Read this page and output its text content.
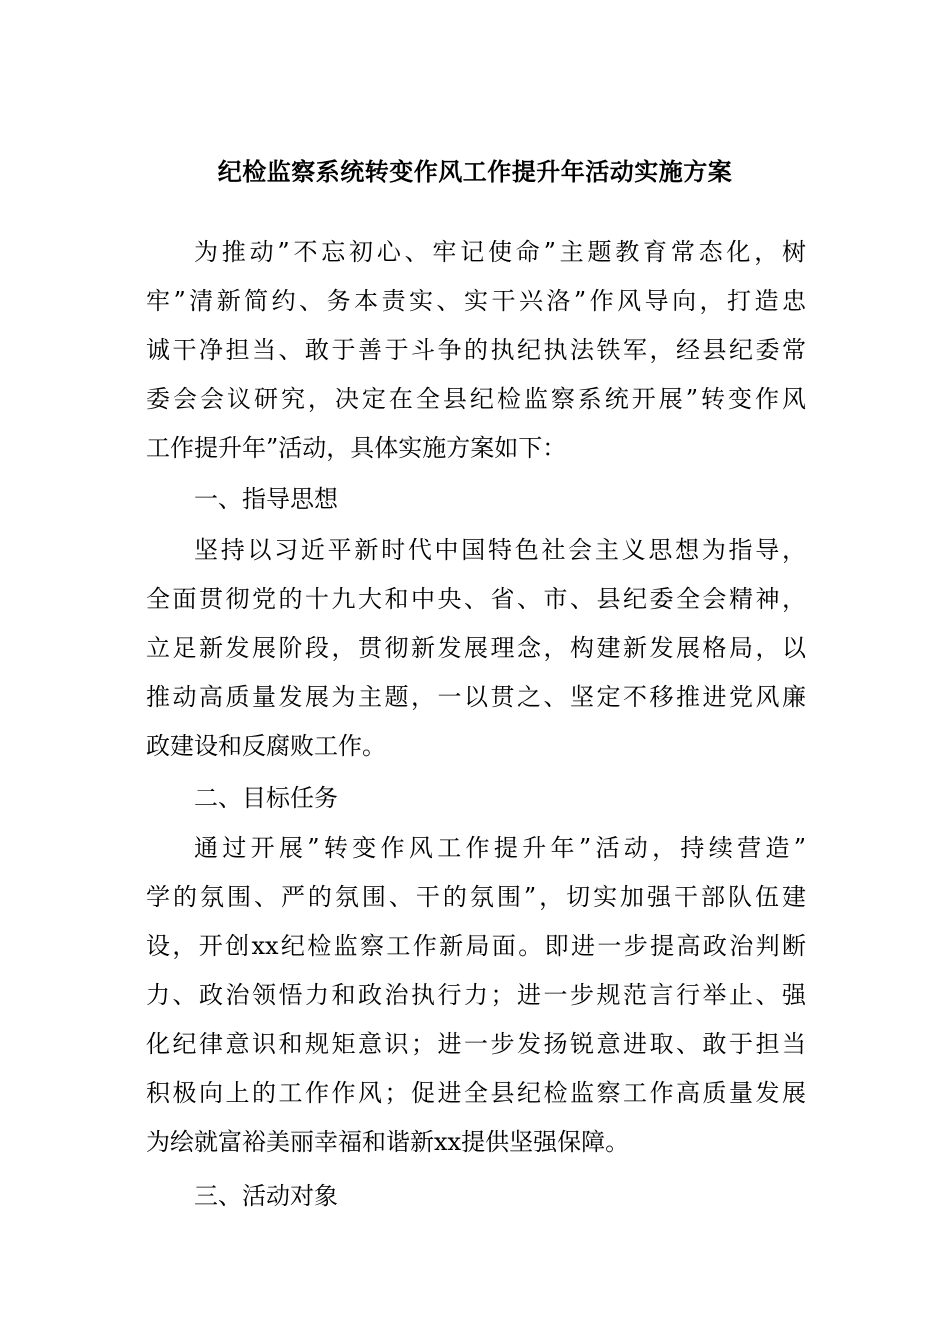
纪检监察系统转变作风工作提升年活动实施方案
为推动”不忘初心、牢记使命”主题教育常态化，树
牢”清新简约、务本责实、实干兴洛”作风导向，打造忠
诚干净担当、敢于善于斗争的执纪执法铁军，经县纪委常
委会会议研究，决定在全县纪检监察系统开展”转变作风
工作提升年”活动，具体实施方案如下：
一、指导思想
坚持以习近平新时代中国特色社会主义思想为指导，
全面贯彻党的十九大和中央、省、市、县纪委全会精神，
立足新发展阶段，贯彻新发展理念，构建新发展格局，以
推动高质量发展为主题，一以贯之、坚定不移推进党风廉
政建设和反腐败工作。
二、目标任务
通过开展”转变作风工作提升年”活动，持续营造”
学的氛围、严的氛围、干的氛围”，切实加强干部队伍建
设，开创xx纪检监察工作新局面。即进一步提高政治判断
力、政治领悟力和政治执行力；进一步规范言行举止、强
化纪律意识和规矩意识；进一步发扬锐意进取、敢于担当
积极向上的工作作风；促进全县纪检监察工作高质量发展
为绘就富裕美丽幸福和谐新xx提供坚强保障。
三、活动对象
